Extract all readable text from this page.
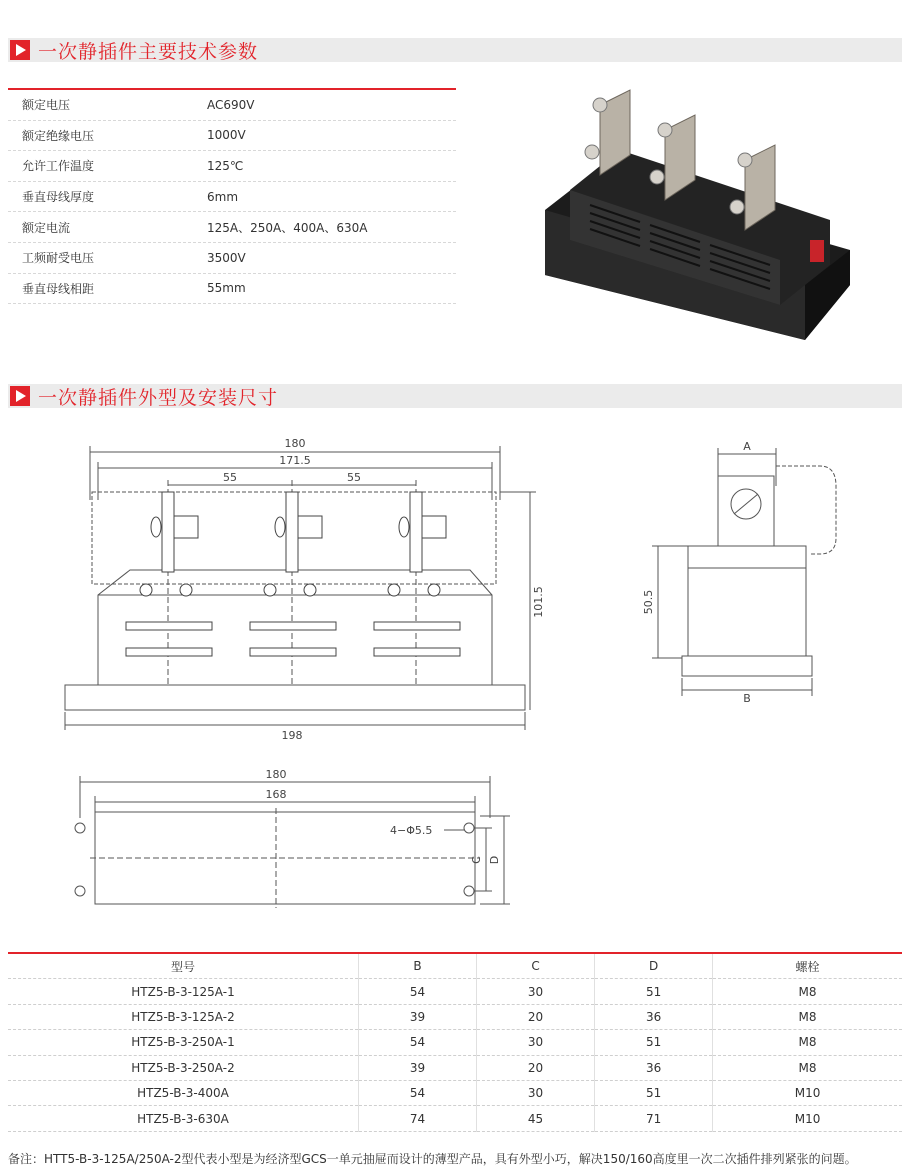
一次静插件主要技术参数
额定电压	AC690V
额定绝缘电压	1000V
允许工作温度	125℃
垂直母线厚度	6mm
额定电流	125A、250A、400A、630A
工频耐受电压	3500V
垂直母线相距	55mm
一次静插件外型及安装尺寸
180
171.5
55	55
198
101.5
A
B
50.5
180
168
4−Φ5.5
C D
型号	B	C	D	螺栓
HTZ5-B-3-125A-1	54	30	51	M8
HTZ5-B-3-125A-2	39	20	36	M8
HTZ5-B-3-250A-1	54	30	51	M8
HTZ5-B-3-250A-2	39	20	36	M8
HTZ5-B-3-400A	54	30	51	M10
HTZ5-B-3-630A	74	45	71	M10
备注：HTT5-B-3-125A/250A-2型代表小型是为经济型GCS一单元抽屉而设计的薄型产品，具有外型小巧，解决150/160高度里一次二次插件排列紧张的问题。
